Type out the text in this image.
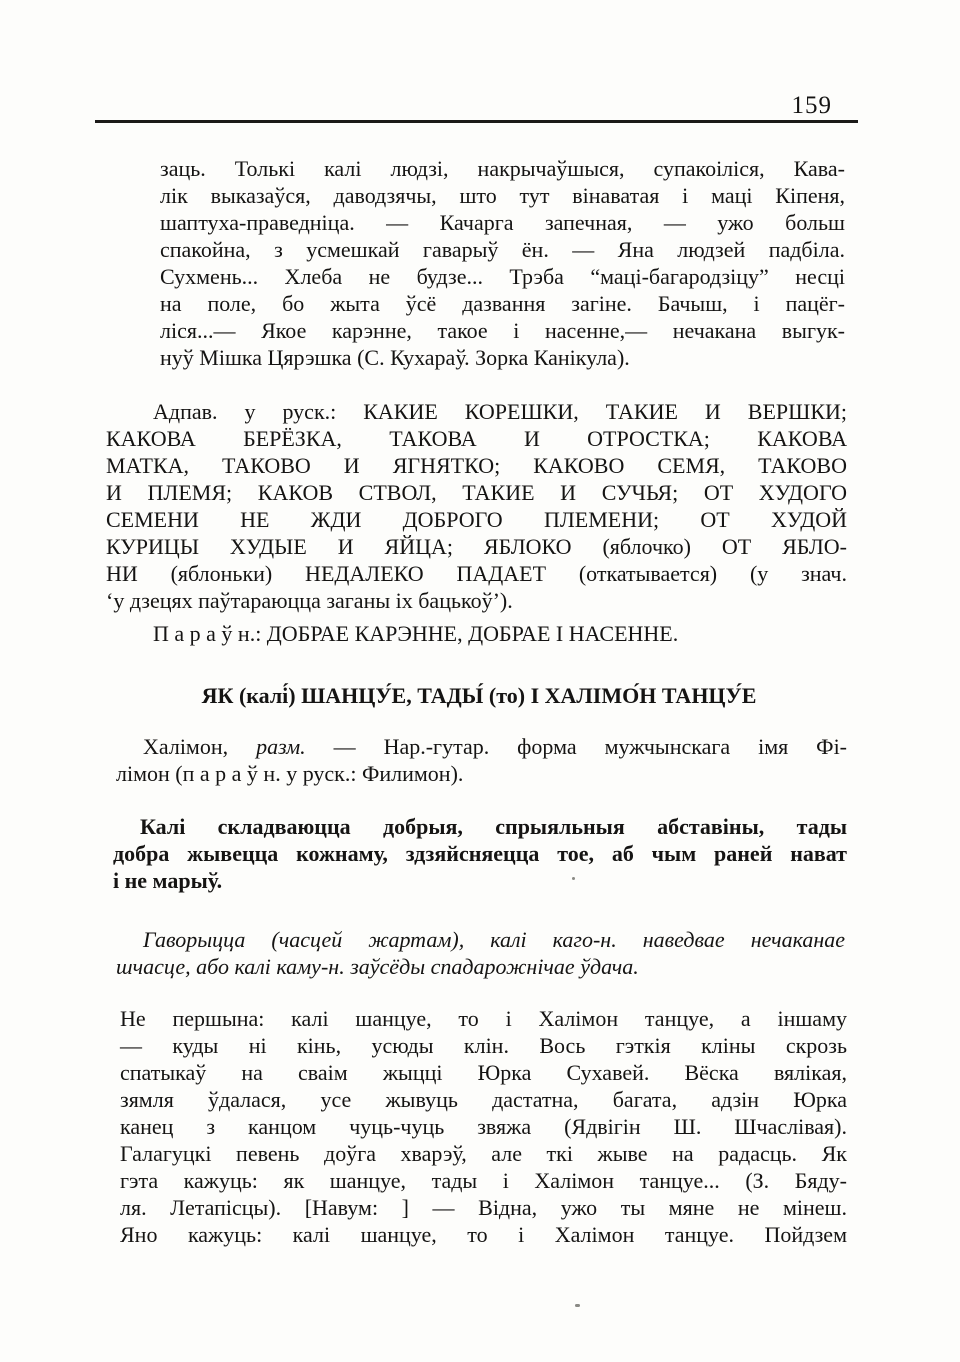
159
заць. Толькі калі людзі, накрычаўшыся, супакоіліся, Кава-
лік выказаўся, даводзячы, што тут вінаватая і маці Кіпеня,
шаптуха-праведніца. — Качарга запечная, — ужо больш
спакойна, з усмешкай гаварыў ён. — Яна людзей падбіла.
Сухмень... Хлеба не будзе... Трэба “маці-багародзіцу” несці
на поле, бо жыта ўсё дазвання загіне. Бачыш, і пацёг-
ліся...— Якое карэнне, такое і насенне,— нечакана выгук-
нуў Мішка Цярэшка (С. Кухараў. Зорка Канікула).
Адпав. у руск.: КАКИЕ КОРЕШКИ, ТАКИЕ И ВЕРШКИ;
КАКОВА БЕРЁЗКА, ТАКОВА И ОТРОСТКА; КАКОВА
МАТКА, ТАКОВО И ЯГНЯТКО; КАКОВО СЕМЯ, ТАКОВО
И ПЛЕМЯ; КАКОВ СТВОЛ, ТАКИЕ И СУЧЬЯ; ОТ ХУДОГО
СЕМЕНИ НЕ ЖДИ ДОБРОГО ПЛЕМЕНИ; ОТ ХУДОЙ
КУРИЦЫ ХУДЫЕ И ЯЙЦА; ЯБЛОКО (яблочко) ОТ ЯБЛО-
НИ (яблоньки) НЕДАЛЕКО ПАДАЕТ (откатывается) (у знач.
‘у дзецях паўтараюцца заганы іх бацькоў’).
П а р а ў н.: ДОБРАЕ КАРЭННЕ, ДОБРАЕ І НАСЕННЕ.
ЯК (калі́) ШАНЦУ́Е, ТАДЫ́ (то) І ХАЛІМО́Н ТАНЦУ́Е
Халімон, разм. — Нар.-гутар. форма мужчынскага імя Фі-
лімон (п а р а ў н. у руск.: Филимон).
Калі складваюцца добрыя, спрыяльныя абставіны, тады
добра жывецца кожнаму, здзяйсняецца тое, аб чым раней нават
і не марыў.
Гаворыцца (часцей жартам), калі каго-н. наведвае нечаканае
шчасце, або калі каму-н. заўсёды спадарожнічае ўдача.
Не першына: калі шанцуе, то і Халімон танцуе, а іншаму
— куды ні кінь, усюды клін. Вось гэткія кліны скрозь
спатыкаў на сваім жыцці Юрка Сухавей. Вёска вялікая,
зямля ўдалася, усе жывуць дастатна, багата, адзін Юрка
канец з канцом чуць-чуць звяжа (Ядвігін Ш. Шчаслівая).
Галагуцкі певень доўга хварэў, але ткі жыве на радасць. Як
гэта кажуць: як шанцуе, тады і Халімон танцуе... (З. Бяду-
ля. Летапісцы). [Навум: ] — Відна, ужо ты мяне не мінеш.
Яно кажуць: калі шанцуе, то і Халімон танцуе. Пойдзем
